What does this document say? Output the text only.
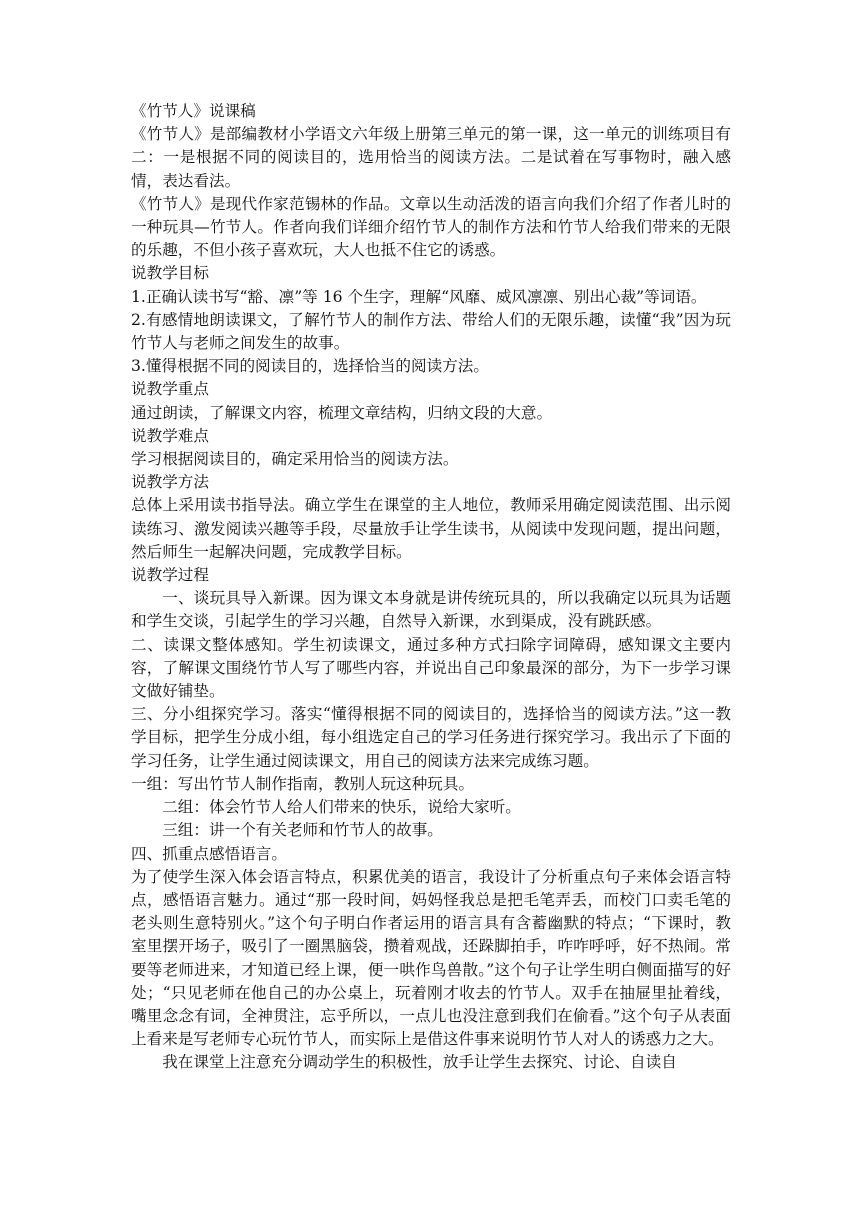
《竹节人》说课稿

《竹节人》是部编教材小学语文六年级上册第三单元的第一课，这一单元的训练项目有二：一是根据不同的阅读目的，选用恰当的阅读方法。二是试着在写事物时，融入感情，表达看法。

《竹节人》是现代作家范锡林的作品。文章以生动活泼的语言向我们介绍了作者儿时的一种玩具—竹节人。作者向我们详细介绍竹节人的制作方法和竹节人给我们带来的无限的乐趣，不但小孩子喜欢玩，大人也抵不住它的诱惑。

说教学目标

1.正确认读书写“豁、凛”等 16 个生字，理解“风靡、威风凛凛、别出心裁”等词语。

2.有感情地朗读课文，了解竹节人的制作方法、带给人们的无限乐趣，读懂“我”因为玩竹节人与老师之间发生的故事。

3.懂得根据不同的阅读目的，选择恰当的阅读方法。

说教学重点

通过朗读，了解课文内容，梳理文章结构，归纳文段的大意。

说教学难点

学习根据阅读目的，确定采用恰当的阅读方法。

说教学方法

总体上采用读书指导法。确立学生在课堂的主人地位，教师采用确定阅读范围、出示阅读练习、激发阅读兴趣等手段，尽量放手让学生读书，从阅读中发现问题，提出问题，然后师生一起解决问题，完成教学目标。

说教学过程

一、谈玩具导入新课。因为课文本身就是讲传统玩具的，所以我确定以玩具为话题和学生交谈，引起学生的学习兴趣，自然导入新课，水到渠成，没有跳跃感。

二、读课文整体感知。学生初读课文，通过多种方式扫除字词障碍，感知课文主要内容，了解课文围绕竹节人写了哪些内容，并说出自己印象最深的部分，为下一步学习课文做好铺垫。

三、分小组探究学习。落实“懂得根据不同的阅读目的，选择恰当的阅读方法。”这一教学目标，把学生分成小组，每小组选定自己的学习任务进行探究学习。我出示了下面的学习任务，让学生通过阅读课文，用自己的阅读方法来完成练习题。

一组：写出竹节人制作指南，教别人玩这种玩具。

二组：体会竹节人给人们带来的快乐，说给大家听。

三组：讲一个有关老师和竹节人的故事。

四、抓重点感悟语言。

为了使学生深入体会语言特点，积累优美的语言，我设计了分析重点句子来体会语言特点，感悟语言魅力。通过“那一段时间，妈妈怪我总是把毛笔弄丢，而校门口卖毛笔的老头则生意特别火。”这个句子明白作者运用的语言具有含蓄幽默的特点；“下课时，教室里摆开场子，吸引了一圈黑脑袋，攒着观战，还跺脚拍手，咋咋呼呼，好不热闹。常要等老师进来，才知道已经上课，便一哄作鸟兽散。”这个句子让学生明白侧面描写的好处；“只见老师在他自己的办公桌上，玩着刚才收去的竹节人。双手在抽屉里扯着线，嘴里念念有词，全神贯注，忘乎所以，一点儿也没注意到我们在偷看。”这个句子从表面上看来是写老师专心玩竹节人，而实际上是借这件事来说明竹节人对人的诱惑力之大。

我在课堂上注意充分调动学生的积极性，放手让学生去探究、讨论、自读自
